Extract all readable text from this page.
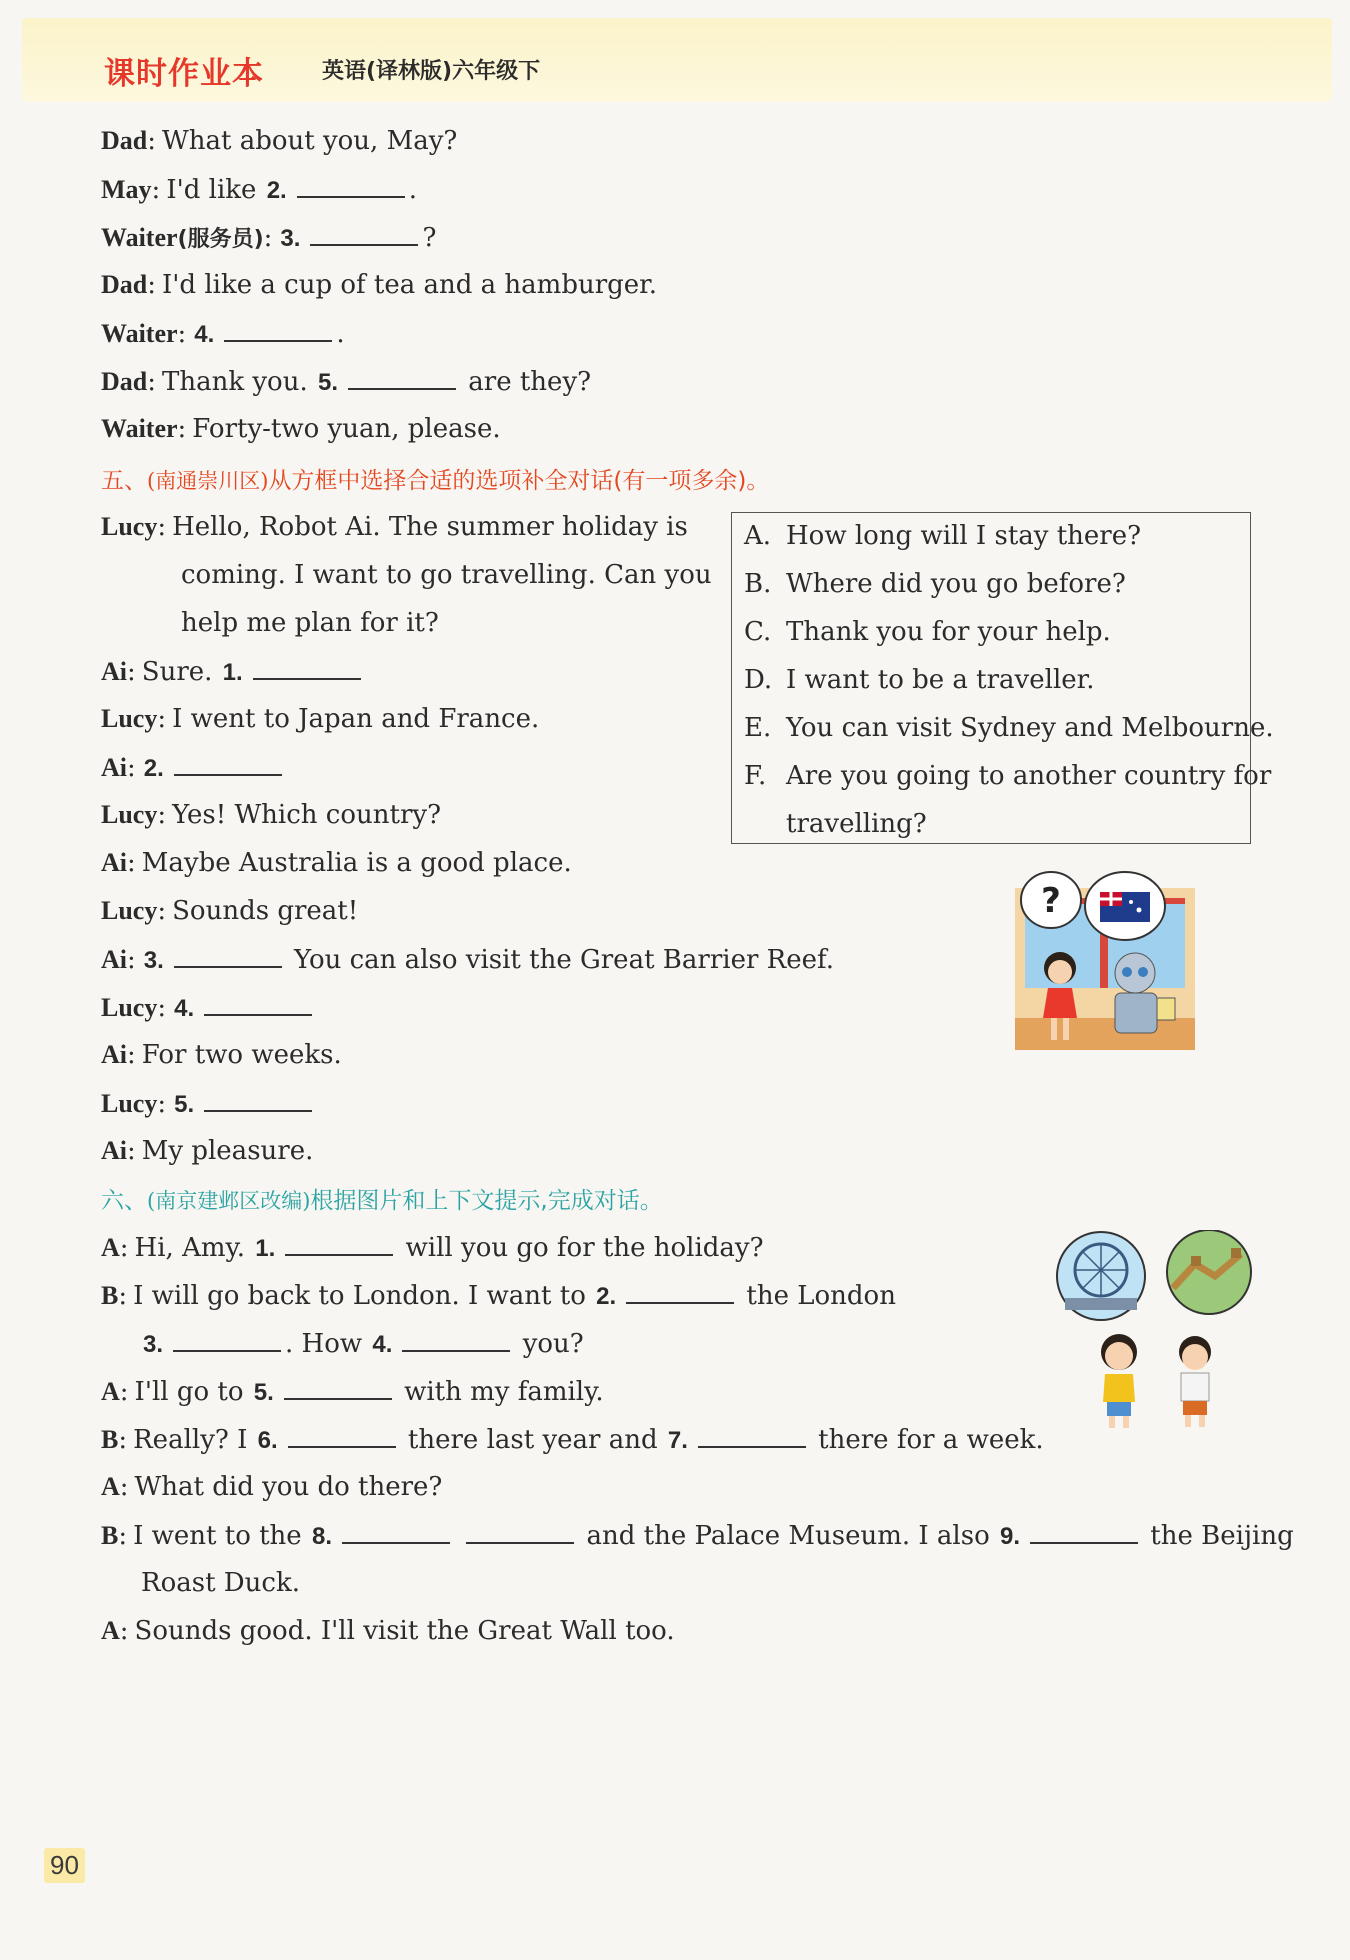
课时作业本	英语(译林版)六年级下
Dad: What about you, May?
May: I'd like 2.	.
Waiter(服务员): 3.	?
Dad: I'd like a cup of tea and a hamburger.
Waiter: 4.	.
Dad: Thank you. 5.	are they?
Waiter: Forty-two yuan, please.
五、(南通崇川区)从方框中选择合适的选项补全对话(有一项多余)。
Lucy: Hello, Robot Ai. The summer holiday is
coming. I want to go travelling. Can you
help me plan for it?
Ai: Sure. 1.
Lucy: I went to Japan and France.
Ai: 2.
Lucy: Yes! Which country?
Ai: Maybe Australia is a good place.
Lucy: Sounds great!
Ai: 3.	You can also visit the Great Barrier Reef.
Lucy: 4.
Ai: For two weeks.
Lucy: 5.
Ai: My pleasure.
A. How long will I stay there?
B. Where did you go before?
C. Thank you for your help.
D. I want to be a traveller.
E. You can visit Sydney and Melbourne.
F. Are you going to another country for
travelling?
?
六、(南京建邺区改编)根据图片和上下文提示,完成对话。
A: Hi, Amy. 1.	will you go for the holiday?
B: I will go back to London. I want to 2.	the London
3.	. How 4.	you?
A: I'll go to 5.	with my family.
B: Really? I 6.	there last year and 7.	there for a week.
A: What did you do there?
B: I went to the 8.	and the Palace Museum. I also 9.	the Beijing
Roast Duck.
A: Sounds good. I'll visit the Great Wall too.
90
